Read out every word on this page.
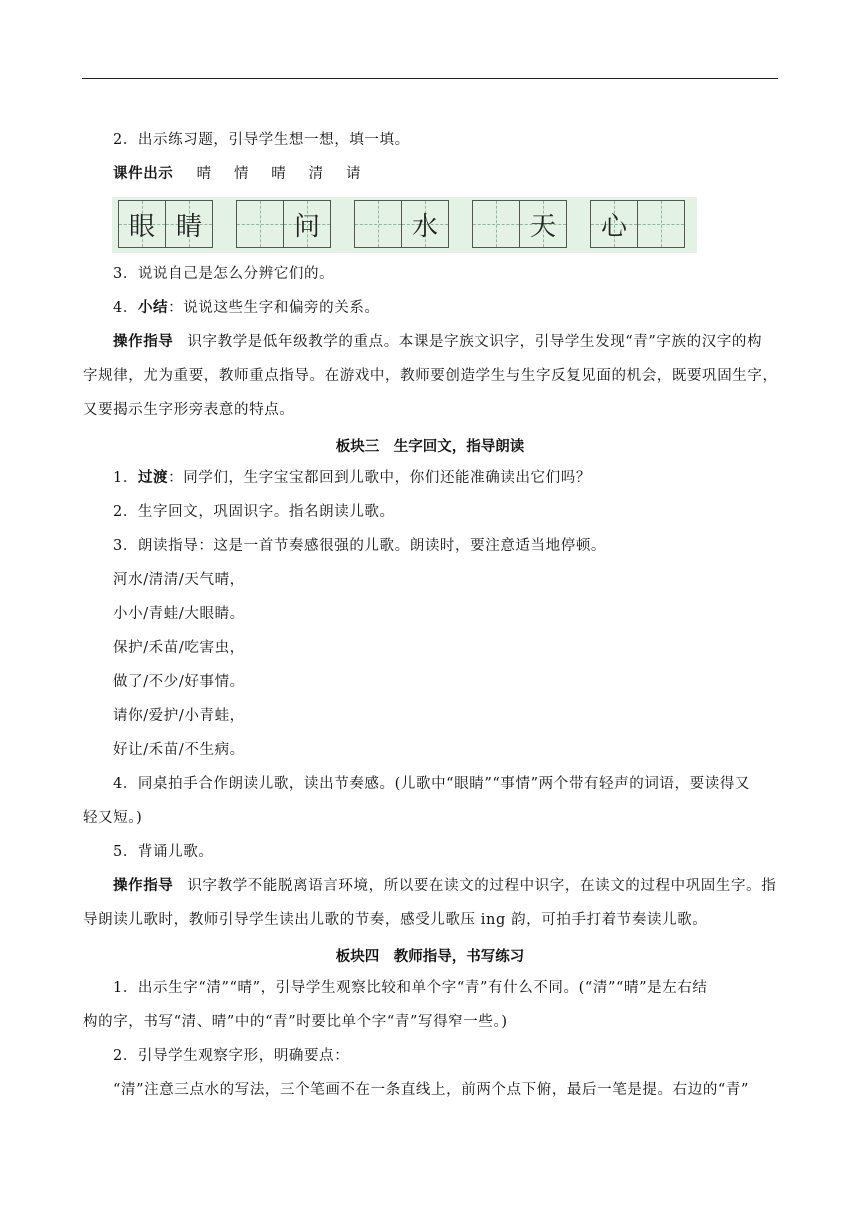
2．出示练习题，引导学生想一想，填一填。
课件出示 晴 情 晴 清 请
眼 睛	问	水	天	心
3．说说自己是怎么分辨它们的。
4．小结：说说这些生字和偏旁的关系。
操作指导 识字教学是低年级教学的重点。本课是字族文识字，引导学生发现“青”字族的汉字的构
字规律，尤为重要，教师重点指导。在游戏中，教师要创造学生与生字反复见面的机会，既要巩固生字，
又要揭示生字形旁表意的特点。
板块三　生字回文，指导朗读
1．过渡：同学们，生字宝宝都回到儿歌中，你们还能准确读出它们吗？
2．生字回文，巩固识字。指名朗读儿歌。
3．朗读指导：这是一首节奏感很强的儿歌。朗读时，要注意适当地停顿。
河水/清清/天气晴，
小小/青蛙/大眼睛。
保护/禾苗/吃害虫，
做了/不少/好事情。
请你/爱护/小青蛙，
好让/禾苗/不生病。
4．同桌拍手合作朗读儿歌，读出节奏感。(儿歌中“眼睛”“事情”两个带有轻声的词语，要读得又
轻又短。)
5．背诵儿歌。
操作指导 识字教学不能脱离语言环境，所以要在读文的过程中识字，在读文的过程中巩固生字。指
导朗读儿歌时，教师引导学生读出儿歌的节奏，感受儿歌压 ing 韵，可拍手打着节奏读儿歌。
板块四　教师指导，书写练习
1．出示生字“清”“晴”，引导学生观察比较和单个字“青”有什么不同。(“清”“晴”是左右结
构的字，书写“清、晴”中的“青”时要比单个字“青”写得窄一些。)
2．引导学生观察字形，明确要点：
“清”注意三点水的写法，三个笔画不在一条直线上，前两个点下俯，最后一笔是提。右边的“青”
